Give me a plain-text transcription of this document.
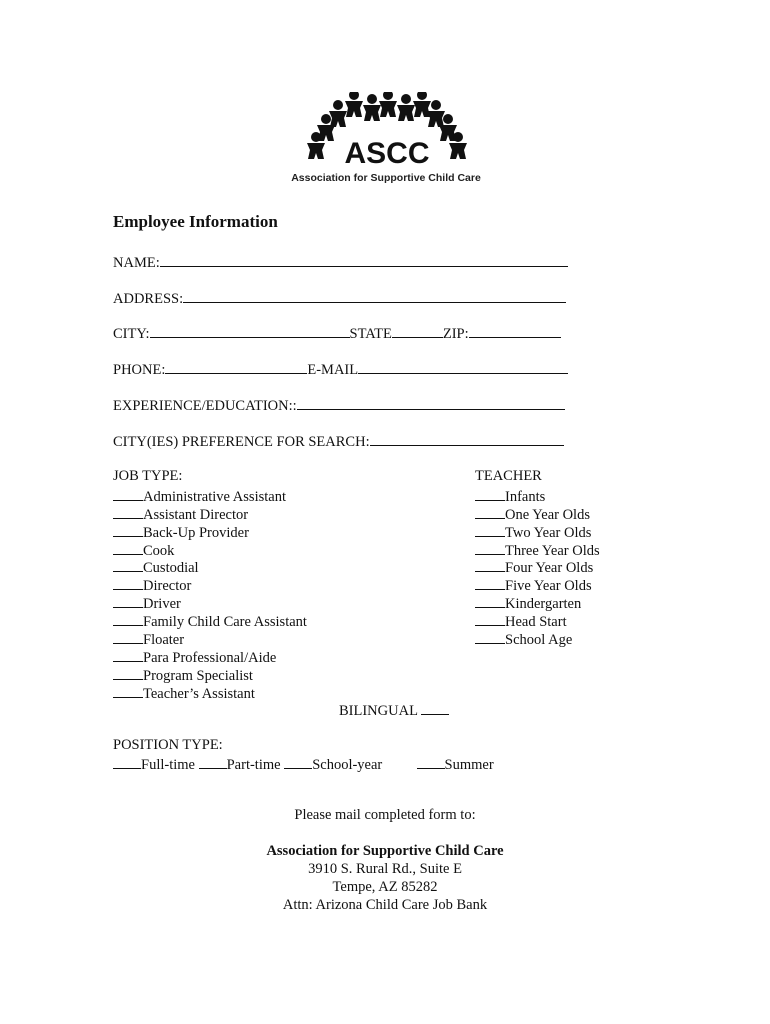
ASCC
Association for Supportive Child Care
Employee Information
NAME:
ADDRESS:
CITY:	STATE	ZIP:
PHONE:	E-MAIL
EXPERIENCE/EDUCATION::
CITY(IES) PREFERENCE FOR SEARCH:
JOB TYPE:
Administrative Assistant
Assistant Director
Back-Up Provider
Cook
Custodial
Director
Driver
Family Child Care Assistant
Floater
Para Professional/Aide
Program Specialist
Teacher’s Assistant
TEACHER
Infants
One Year Olds
Two Year Olds
Three Year Olds
Four Year Olds
Five Year Olds
Kindergarten
Head Start
School Age
BILINGUAL
POSITION TYPE:
Full-time Part-time School-year	Summer
Please mail completed form to:
Association for Supportive Child Care
3910 S. Rural Rd., Suite E
Tempe, AZ 85282
Attn: Arizona Child Care Job Bank
